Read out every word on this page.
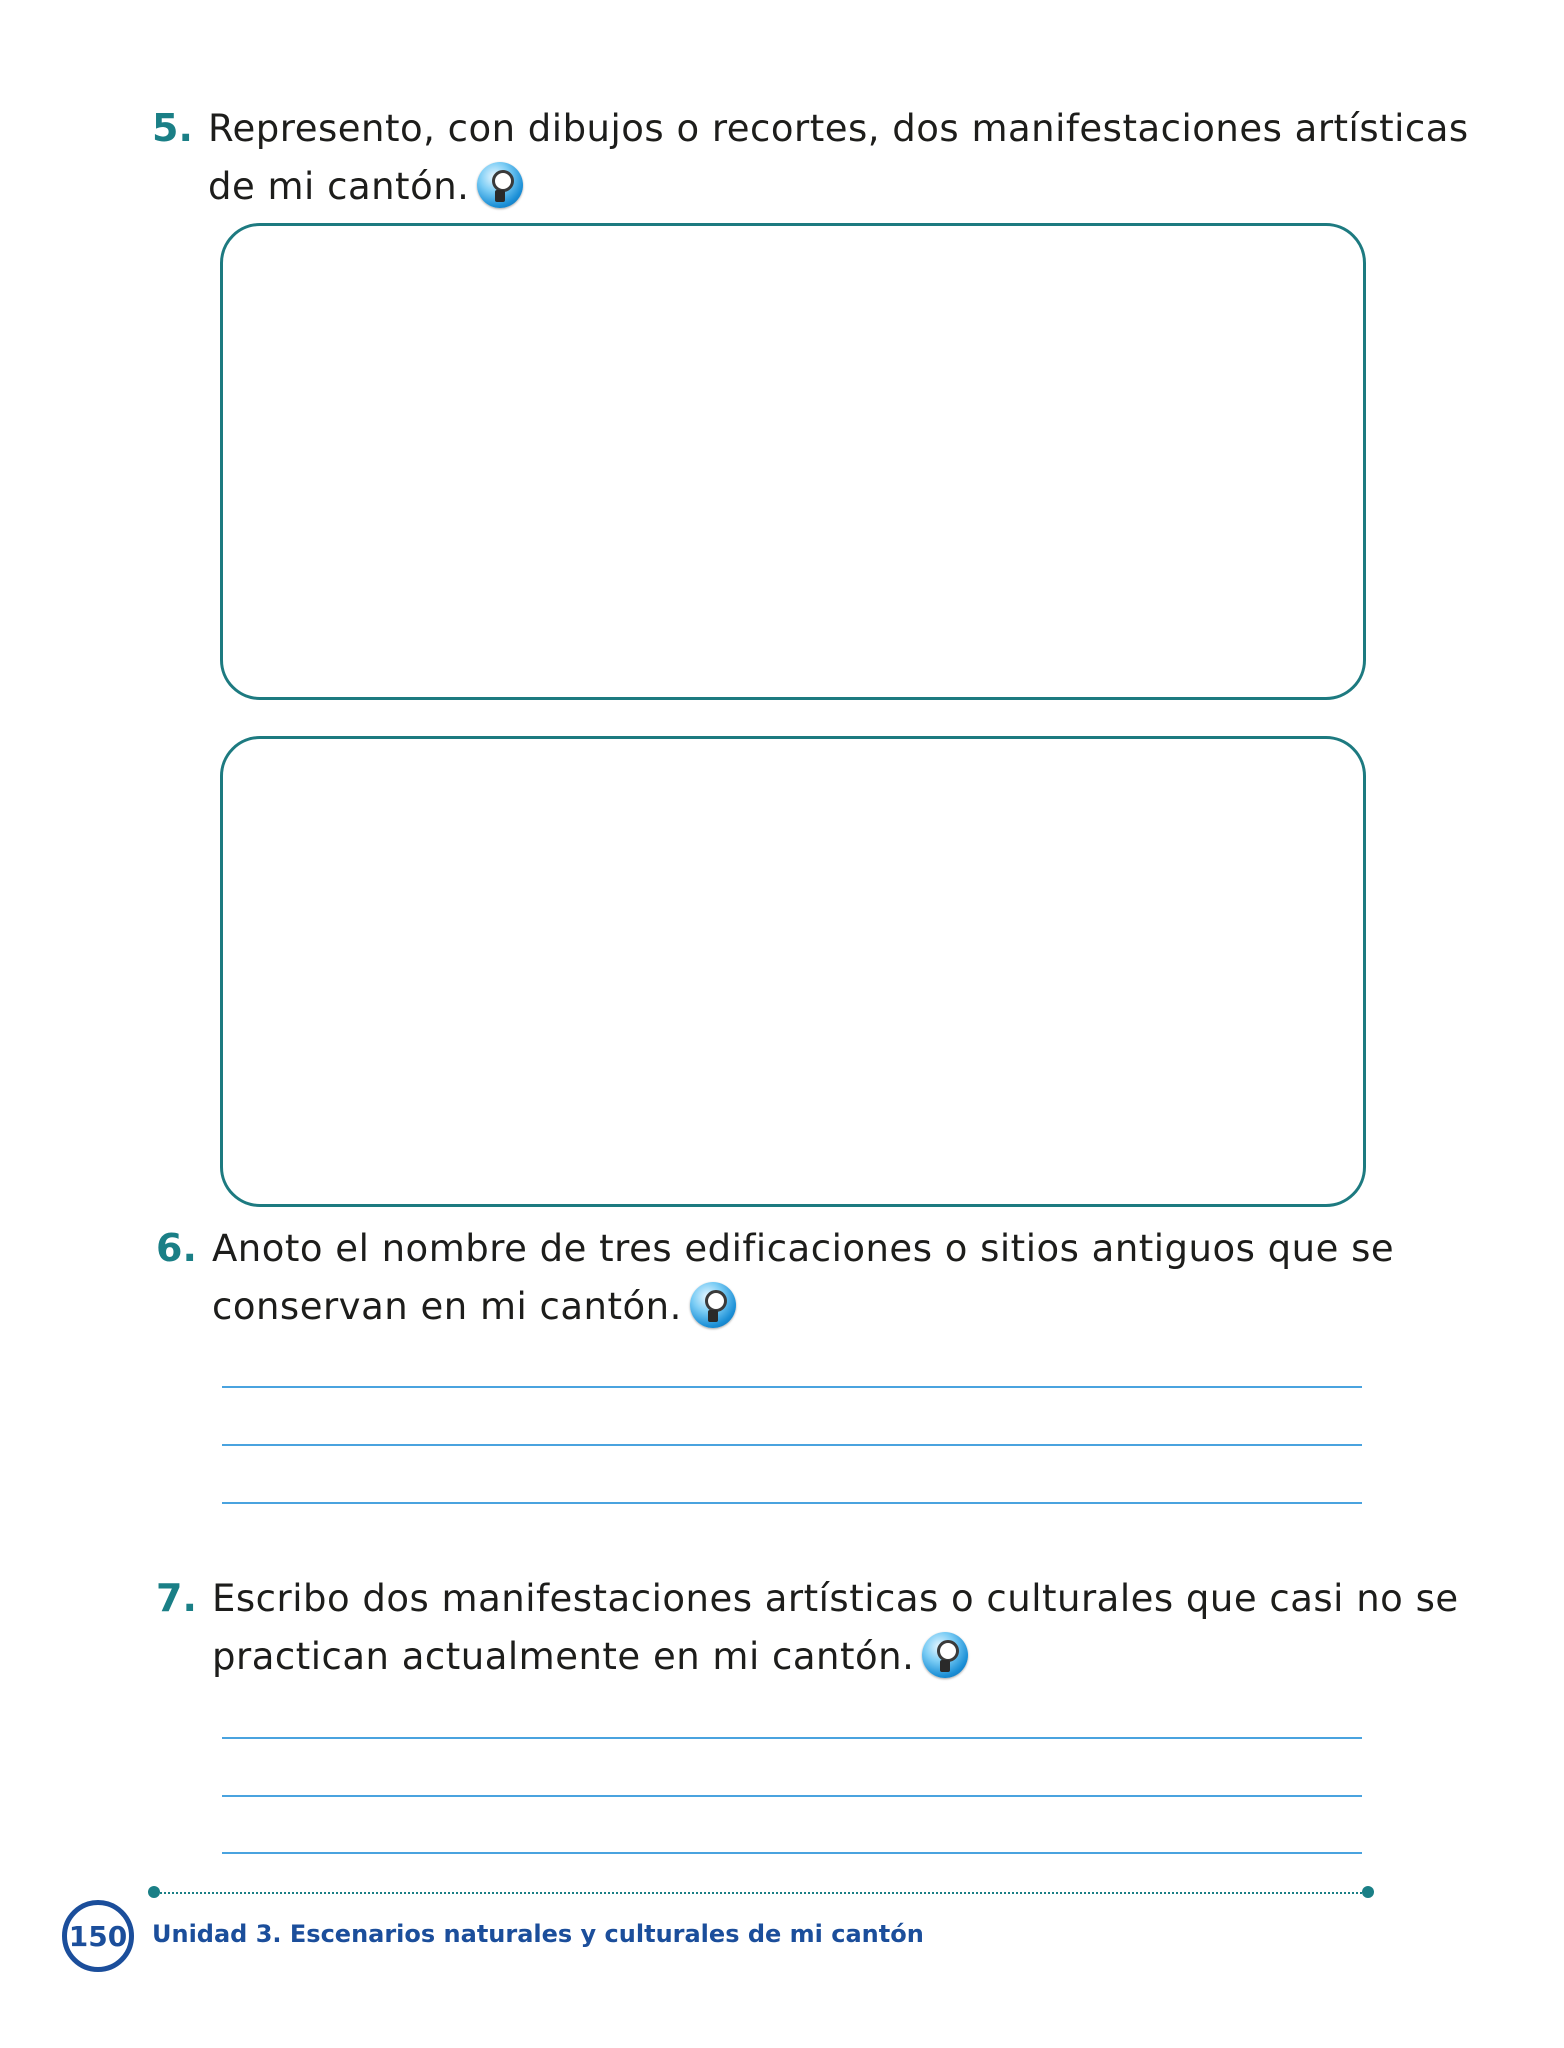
5. Represento, con dibujos o recortes, dos manifestaciones artísticas
de mi cantón.
6. Anoto el nombre de tres edificaciones o sitios antiguos que se
conservan en mi cantón.
7. Escribo dos manifestaciones artísticas o culturales que casi no se
practican actualmente en mi cantón.
150 Unidad 3. Escenarios naturales y culturales de mi cantón
